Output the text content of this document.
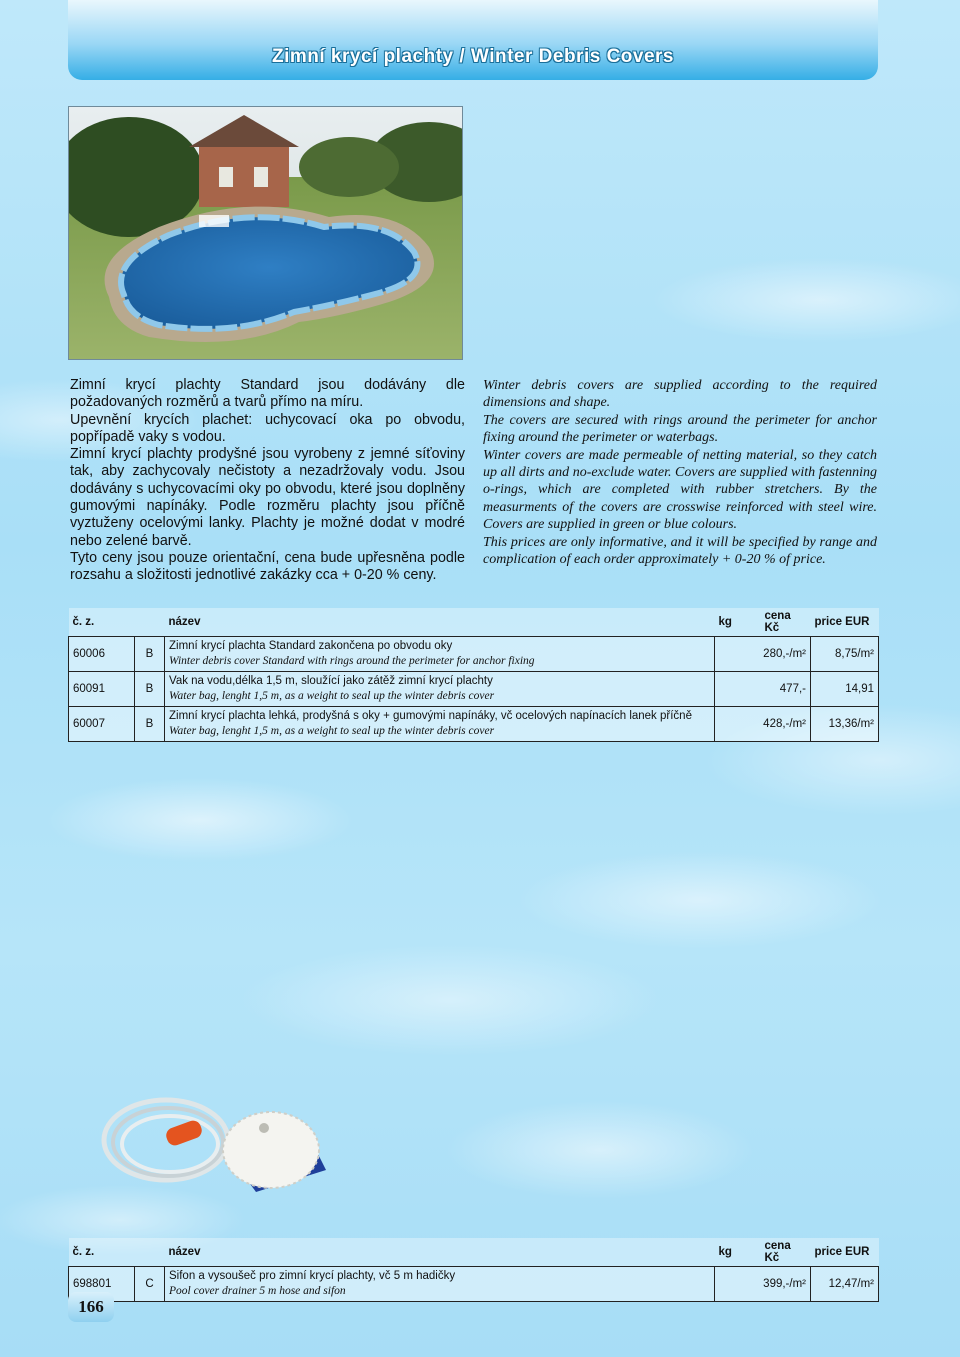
Zimní krycí plachty / Winter Debris Covers

Zimní krycí plachty Standard jsou dodávány dle požadovaných rozměrů a tvarů přímo na míru.

Upevnění krycích plachet: uchycovací oka po obvodu, popřípadě vaky s vodou.

Zimní krycí plachty prodyšné jsou vyrobeny z jemné síťoviny tak, aby zachycovaly nečistoty a nezadržovaly vodu. Jsou dodávány s uchycovacími oky po obvodu, které jsou doplněny gumovými napínáky. Podle rozměru plachty jsou příčně vyztuženy ocelovými lanky. Plachty je možné dodat v modré nebo zelené barvě.

Tyto ceny jsou pouze orientační, cena bude upřesněna podle rozsahu a složitosti jednotlivé zakázky cca + 0-20 % ceny.

Winter debris covers are supplied according to the required dimensions and shape.

The covers are secured with rings around the perimeter for anchor fixing around the perimeter or waterbags.

Winter covers are made permeable of netting material, so they catch up all dirts and no-exclude water. Covers are supplied with fastenning o-rings, which are completed with rubber stretchers. By the measurments of the covers are crosswise reinforced with steel wire. Covers are supplied in green or blue colours.

This prices are only informative, and it will be specified by range and complication of each order approximately + 0-20 % of price.

č. z.		název	kg	cena Kč	price EUR
60006	B	Zimní krycí plachta Standard zakončena po obvodu oky
Winter debris cover Standard with rings around the perimeter for anchor fixing	280,-/m²		8,75/m²
60091	B	Vak na vodu,délka 1,5 m, sloužící jako zátěž zimní krycí plachty
Water bag, lenght 1,5 m, as a weight to seal up the winter debris cover	477,-		14,91
60007	B	Zimní krycí plachta lehká, prodyšná s oky + gumovými napínáky, vč ocelových napínacích lanek příčně
Water bag, lenght 1,5 m, as a weight to seal up the winter debris cover	428,-/m²		13,36/m²
č. z.		název	kg	cena Kč	price EUR
698801	C	Sifon a vysoušeč pro zimní krycí plachty, vč 5 m hadičky
Pool cover drainer 5 m hose and sifon	399,-/m²		12,47/m²
166
